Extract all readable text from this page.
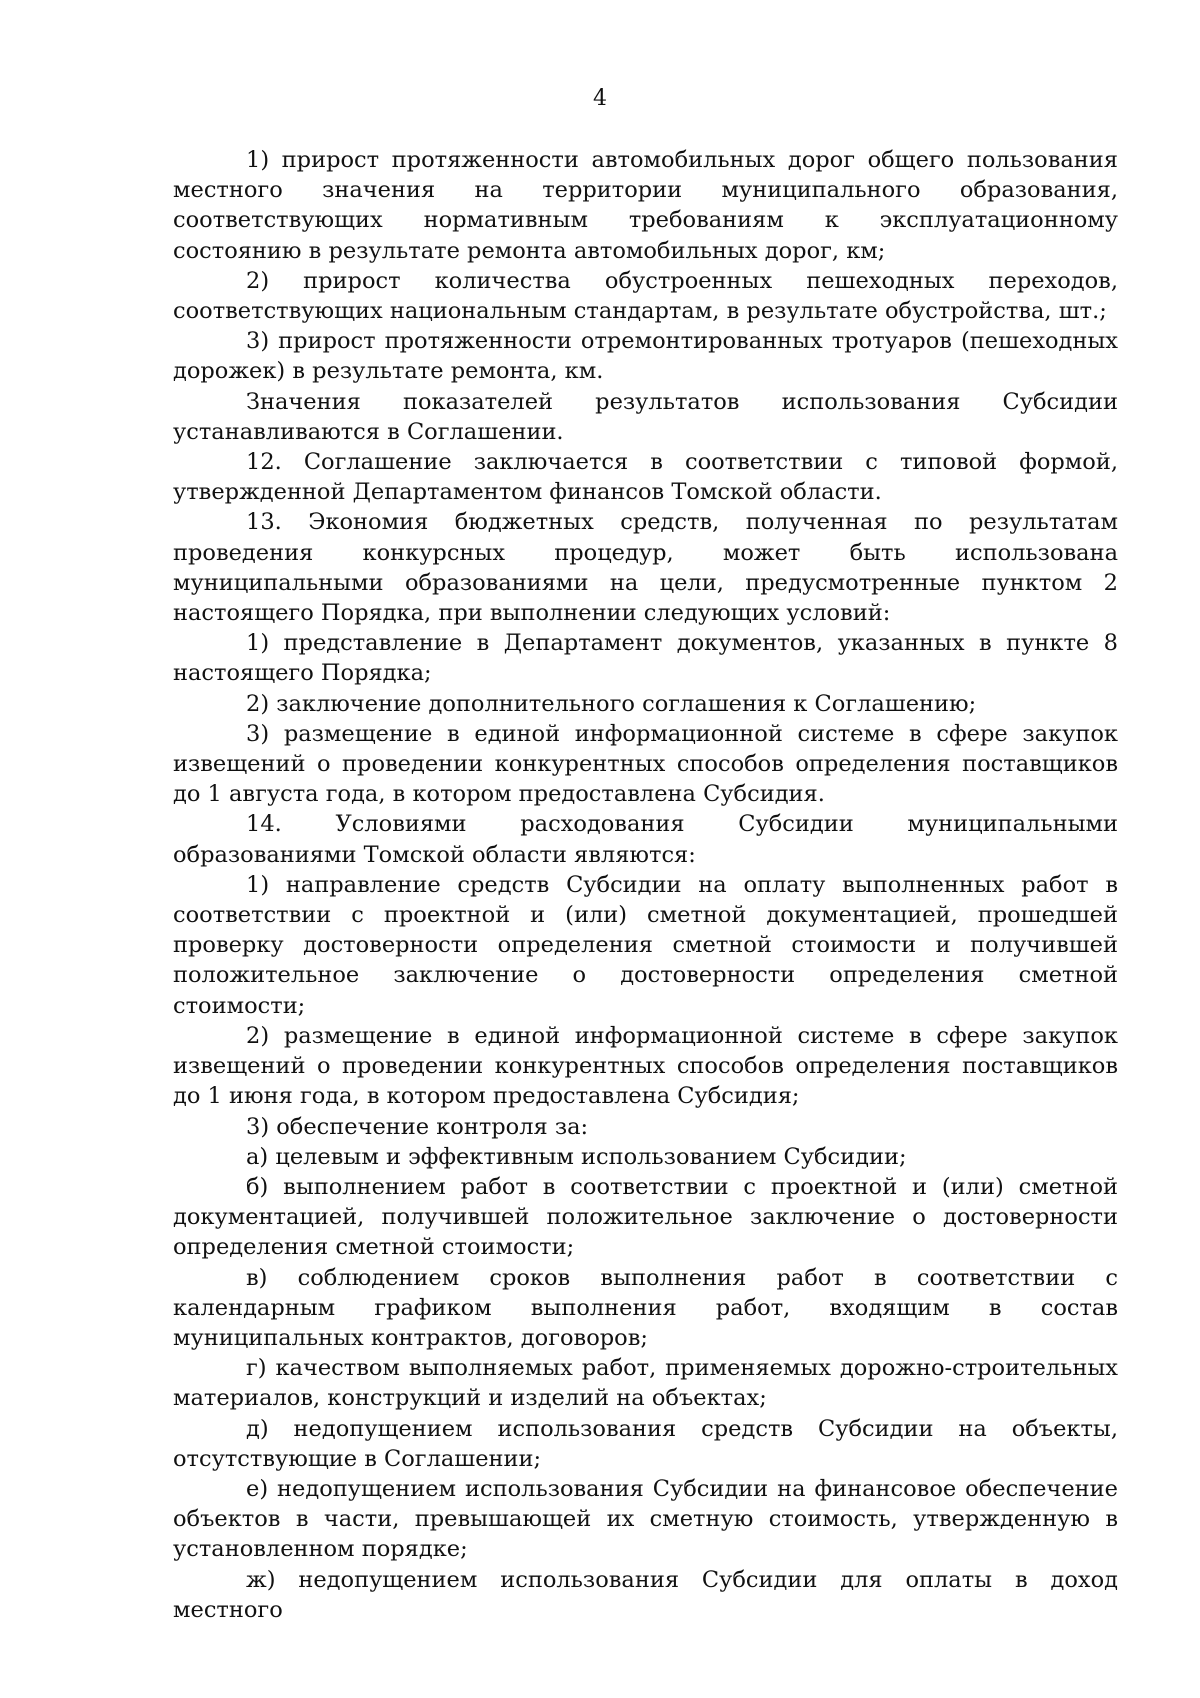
4

1) прирост протяженности автомобильных дорог общего пользования местного значения на территории муниципального образования, соответствующих нормативным требованиям к эксплуатационному состоянию в результате ремонта автомобильных дорог, км;

2) прирост количества обустроенных пешеходных переходов, соответствующих национальным стандартам, в результате обустройства, шт.;

3) прирост протяженности отремонтированных тротуаров (пешеходных дорожек) в результате ремонта, км.

Значения показателей результатов использования Субсидии устанавливаются в Соглашении.

12. Соглашение заключается в соответствии с типовой формой, утвержденной Департаментом финансов Томской области.

13. Экономия бюджетных средств, полученная по результатам проведения конкурсных процедур, может быть использована муниципальными образованиями на цели, предусмотренные пунктом 2 настоящего Порядка, при выполнении следующих условий:

1) представление в Департамент документов, указанных в пункте 8 настоящего Порядка;

2) заключение дополнительного соглашения к Соглашению;

3) размещение в единой информационной системе в сфере закупок извещений о проведении конкурентных способов определения поставщиков до 1 августа года, в котором предоставлена Субсидия.

14. Условиями расходования Субсидии муниципальными образованиями Томской области являются:

1) направление средств Субсидии на оплату выполненных работ в соответствии с проектной и (или) сметной документацией, прошедшей проверку достоверности определения сметной стоимости и получившей положительное заключение о достоверности определения сметной стоимости;

2) размещение в единой информационной системе в сфере закупок извещений о проведении конкурентных способов определения поставщиков до 1 июня года, в котором предоставлена Субсидия;

3) обеспечение контроля за:

а) целевым и эффективным использованием Субсидии;

б) выполнением работ в соответствии с проектной и (или) сметной документацией, получившей положительное заключение о достоверности определения сметной стоимости;

в) соблюдением сроков выполнения работ в соответствии с календарным графиком выполнения работ, входящим в состав муниципальных контрактов, договоров;

г) качеством выполняемых работ, применяемых дорожно-строительных материалов, конструкций и изделий на объектах;

д) недопущением использования средств Субсидии на объекты, отсутствующие в Соглашении;

е) недопущением использования Субсидии на финансовое обеспечение объектов в части, превышающей их сметную стоимость, утвержденную в установленном порядке;

ж) недопущением использования Субсидии для оплаты в доход местного
